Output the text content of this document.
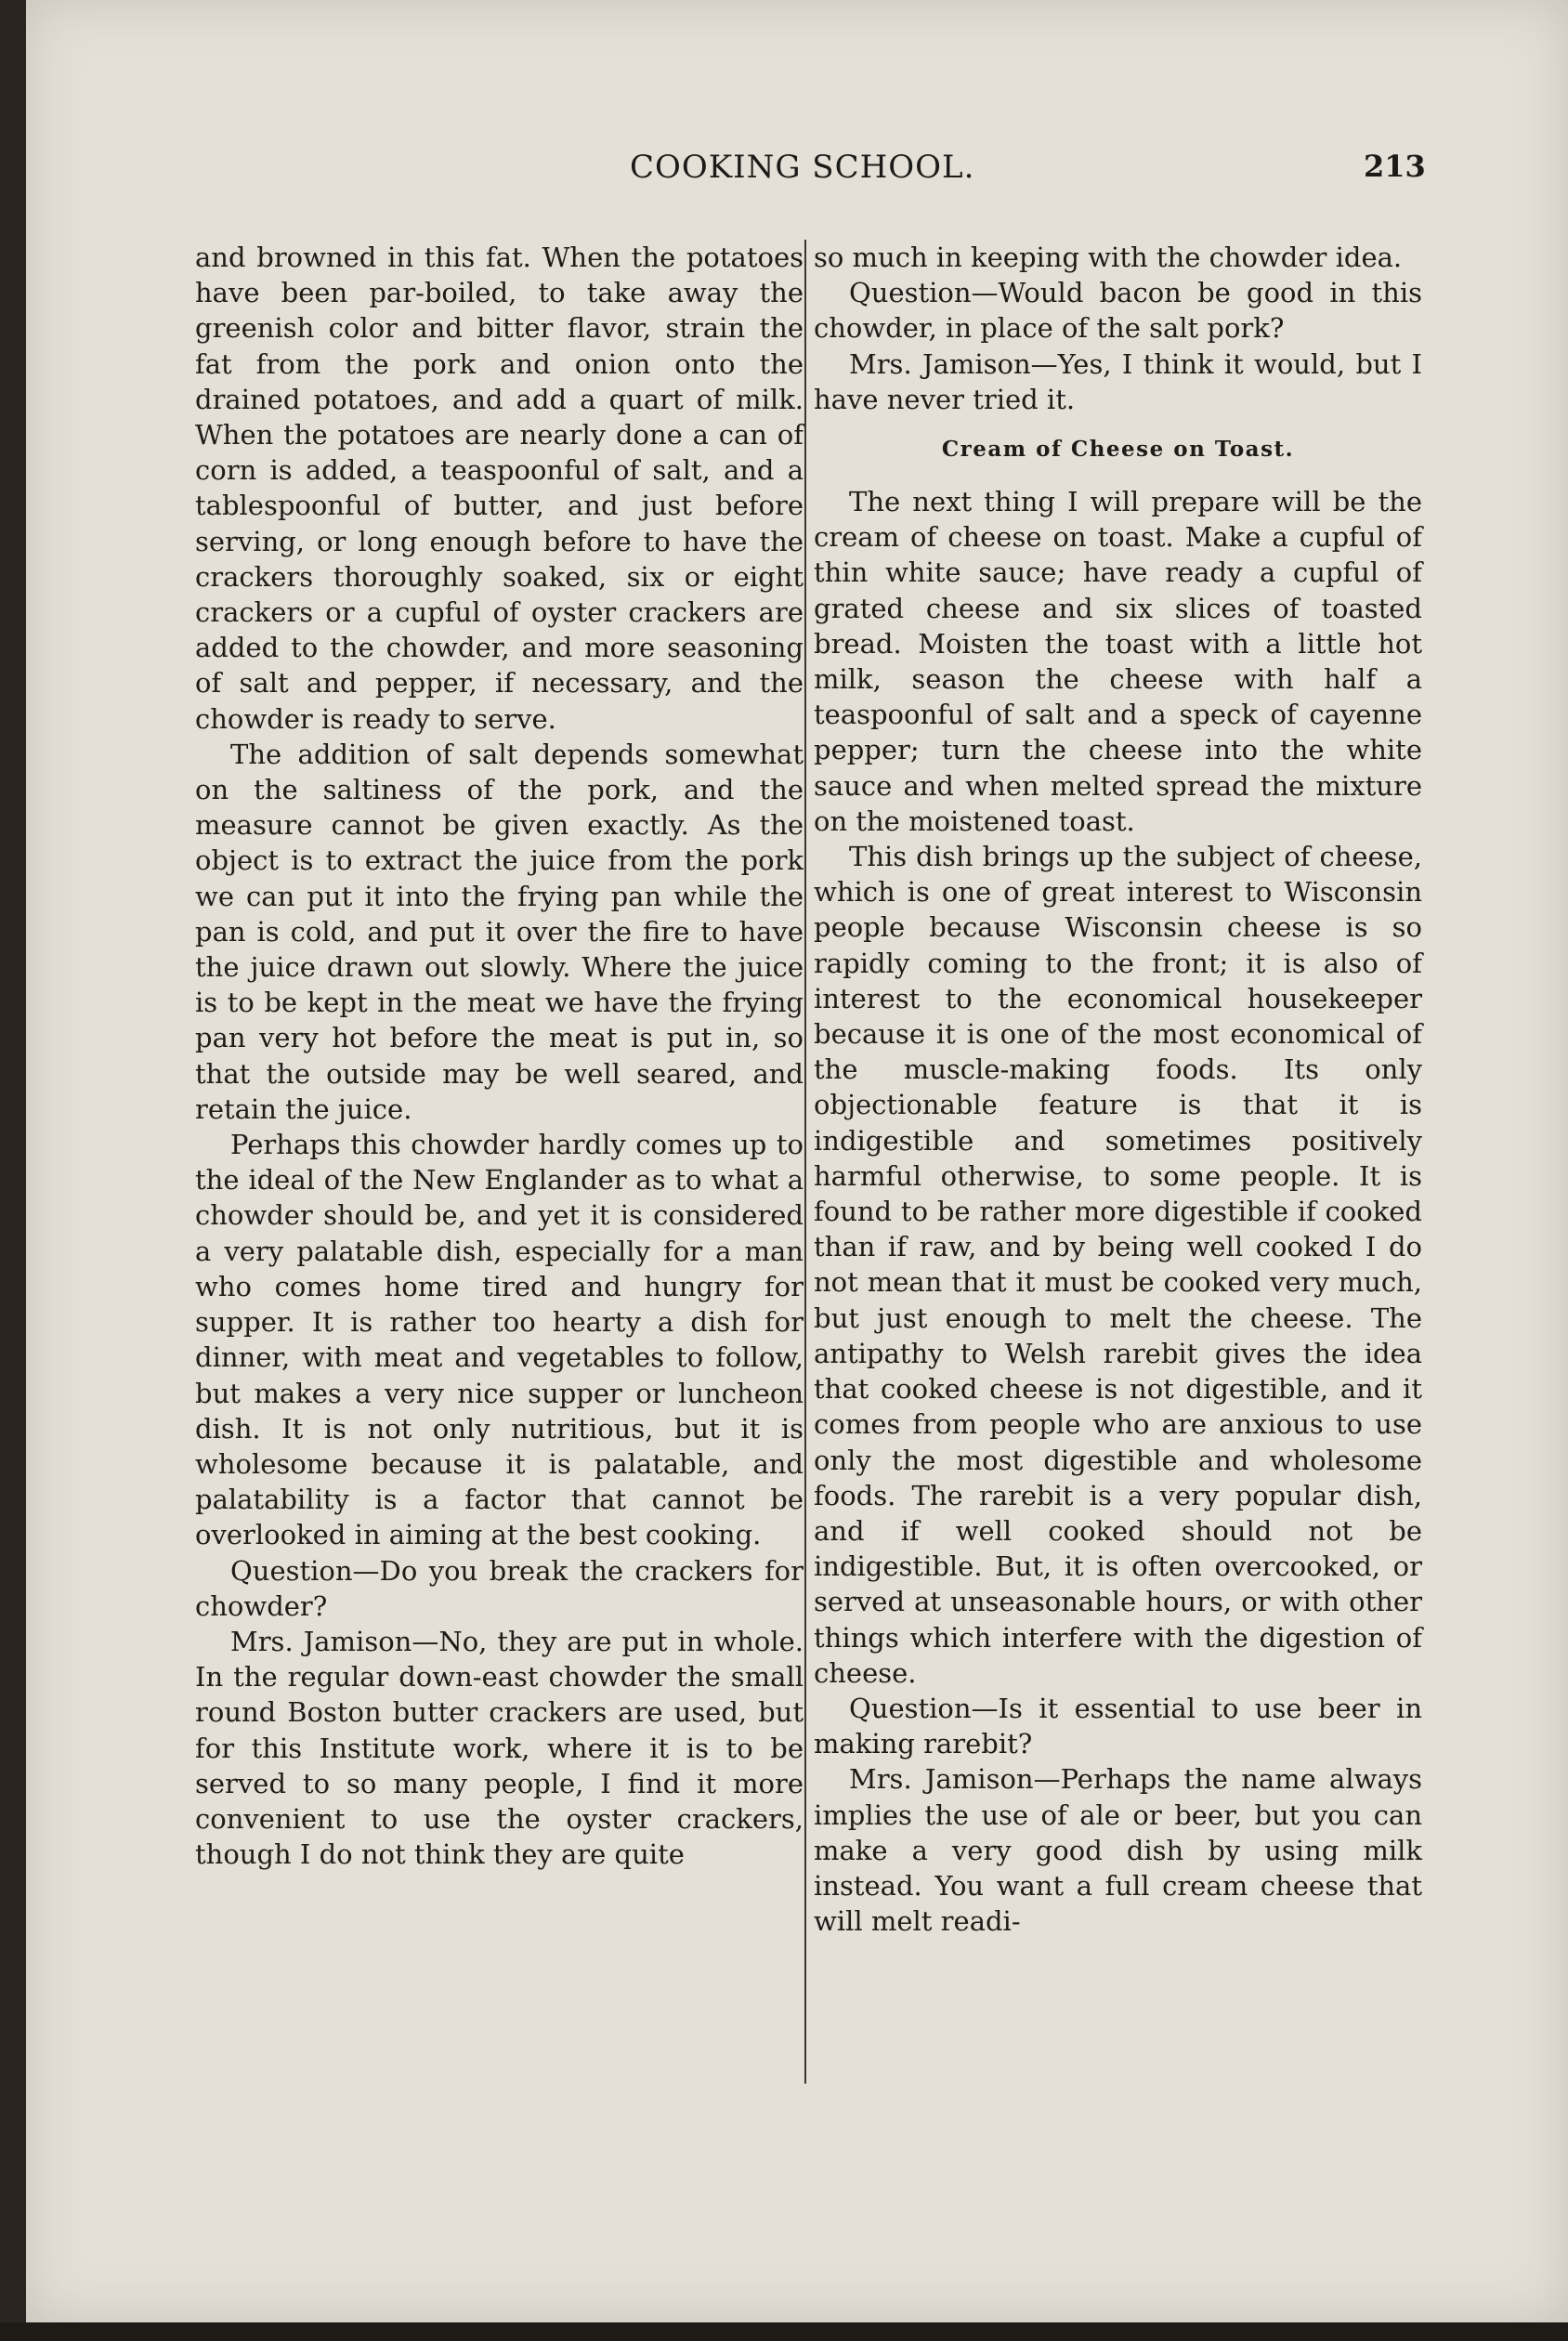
COOKING SCHOOL.	213

and browned in this fat. When the potatoes have been par-boiled, to take away the greenish color and bitter flavor, strain the fat from the pork and onion onto the drained potatoes, and add a quart of milk. When the potatoes are nearly done a can of corn is added, a teaspoonful of salt, and a tablespoonful of butter, and just before serving, or long enough before to have the crackers thoroughly soaked, six or eight crackers or a cupful of oyster crackers are added to the chowder, and more seasoning of salt and pepper, if necessary, and the chowder is ready to serve.

The addition of salt depends somewhat on the saltiness of the pork, and the measure cannot be given exactly. As the object is to extract the juice from the pork we can put it into the frying pan while the pan is cold, and put it over the fire to have the juice drawn out slowly. Where the juice is to be kept in the meat we have the frying pan very hot before the meat is put in, so that the outside may be well seared, and retain the juice.

Perhaps this chowder hardly comes up to the ideal of the New Englander as to what a chowder should be, and yet it is considered a very palatable dish, especially for a man who comes home tired and hungry for supper. It is rather too hearty a dish for dinner, with meat and vegetables to follow, but makes a very nice supper or luncheon dish. It is not only nutritious, but it is wholesome because it is palatable, and palatability is a factor that cannot be overlooked in aiming at the best cooking.

Question—Do you break the crackers for chowder?

Mrs. Jamison—No, they are put in whole. In the regular down-east chowder the small round Boston butter crackers are used, but for this Institute work, where it is to be served to so many people, I find it more convenient to use the oyster crackers, though I do not think they are quite

so much in keeping with the chowder idea.

Question—Would bacon be good in this chowder, in place of the salt pork?

Mrs. Jamison—Yes, I think it would, but I have never tried it.

Cream of Cheese on Toast.

The next thing I will prepare will be the cream of cheese on toast. Make a cupful of thin white sauce; have ready a cupful of grated cheese and six slices of toasted bread. Moisten the toast with a little hot milk, season the cheese with half a teaspoonful of salt and a speck of cayenne pepper; turn the cheese into the white sauce and when melted spread the mixture on the moistened toast.

This dish brings up the subject of cheese, which is one of great interest to Wisconsin people because Wisconsin cheese is so rapidly coming to the front; it is also of interest to the economical housekeeper because it is one of the most economical of the muscle-making foods. Its only objectionable feature is that it is indigestible and sometimes positively harmful otherwise, to some people. It is found to be rather more digestible if cooked than if raw, and by being well cooked I do not mean that it must be cooked very much, but just enough to melt the cheese. The antipathy to Welsh rarebit gives the idea that cooked cheese is not digestible, and it comes from people who are anxious to use only the most digestible and wholesome foods. The rarebit is a very popular dish, and if well cooked should not be indigestible. But, it is often overcooked, or served at unseasonable hours, or with other things which interfere with the digestion of cheese.

Question—Is it essential to use beer in making rarebit?

Mrs. Jamison—Perhaps the name always implies the use of ale or beer, but you can make a very good dish by using milk instead. You want a full cream cheese that will melt readi-
